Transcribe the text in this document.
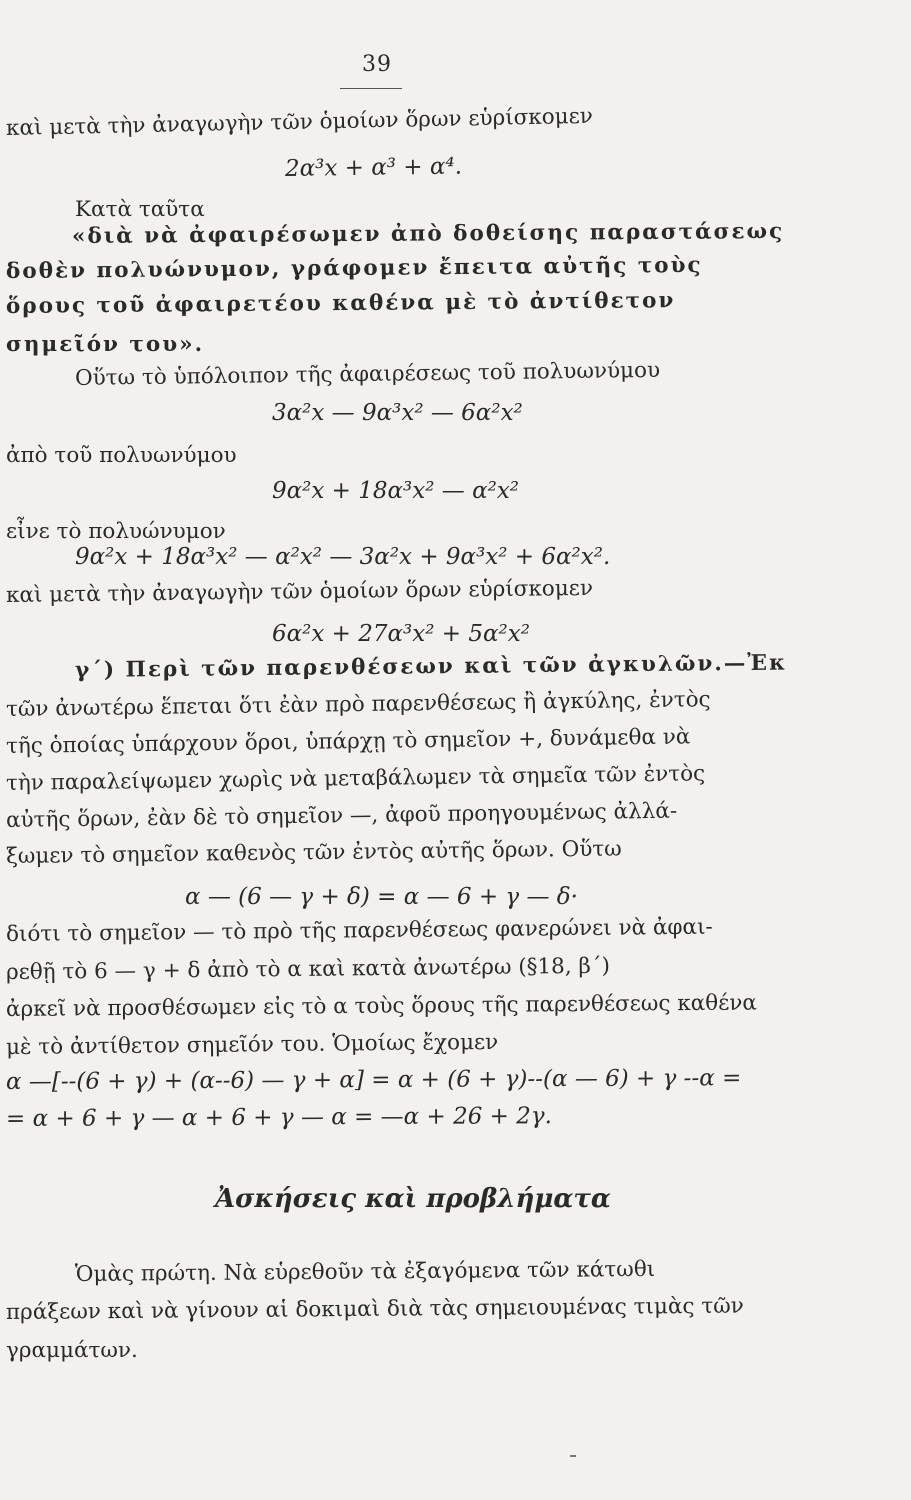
39
καὶ μετὰ τὴν ἀναγωγὴν τῶν ὁμοίων ὅρων εὑρίσκομεν
2α³x + α³ + α⁴.
Κατὰ ταῦτα
«διὰ νὰ ἀφαιρέσωμεν ἀπὸ δοθείσης παραστάσεως
δοθὲν πολυώνυμον, γράφομεν ἔπειτα αὐτῆς τοὺς
ὅρους τοῦ ἀφαιρετέου καθένα μὲ τὸ ἀντίθετον
σημεῖόν του».
Οὕτω τὸ ὑπόλοιπον τῆς ἀφαιρέσεως τοῦ πολυωνύμου
3α²x — 9α³x² — 6α²x²
ἀπὸ τοῦ πολυωνύμου
9α²x + 18α³x² — α²x²
εἶνε τὸ πολυώνυμον
9α²x + 18α³x² — α²x² — 3α²x + 9α³x² + 6α²x².
καὶ μετὰ τὴν ἀναγωγὴν τῶν ὁμοίων ὅρων εὑρίσκομεν
6α²x + 27α³x² + 5α²x²
γ΄) Περὶ τῶν παρενθέσεων καὶ τῶν ἀγκυλῶν.—Ἐκ
τῶν ἀνωτέρω ἕπεται ὅτι ἐὰν πρὸ παρενθέσεως ἢ ἀγκύλης, ἐντὸς
τῆς ὁποίας ὑπάρχουν ὅροι, ὑπάρχῃ τὸ σημεῖον +, δυνάμεθα νὰ
τὴν παραλείψωμεν χωρὶς νὰ μεταβάλωμεν τὰ σημεῖα τῶν ἐντὸς
αὐτῆς ὅρων, ἐὰν δὲ τὸ σημεῖον —, ἀφοῦ προηγουμένως ἀλλά-
ξωμεν τὸ σημεῖον καθενὸς τῶν ἐντὸς αὐτῆς ὅρων. Οὕτω
α — (6 — γ + δ) = α — 6 + γ — δ·
διότι τὸ σημεῖον — τὸ πρὸ τῆς παρενθέσεως φανερώνει νὰ ἀφαι-
ρεθῇ τὸ 6 — γ + δ ἀπὸ τὸ α καὶ κατὰ ἀνωτέρω (§18, β΄)
ἀρκεῖ νὰ προσθέσωμεν εἰς τὸ α τοὺς ὅρους τῆς παρενθέσεως καθένα
μὲ τὸ ἀντίθετον σημεῖόν του. Ὁμοίως ἔχομεν
α —[--(6 + γ) + (α--6) — γ + α] = α + (6 + γ)--(α — 6) + γ --α =
= α + 6 + γ — α + 6 + γ — α = —α + 26 + 2γ.
Ἀσκήσεις καὶ προβλήματα
Ὁμὰς πρώτη. Νὰ εὑρεθοῦν τὰ ἐξαγόμενα τῶν κάτωθι
πράξεων καὶ νὰ γίνουν αἱ δοκιμαὶ διὰ τὰς σημειουμένας τιμὰς τῶν
γραμμάτων.
